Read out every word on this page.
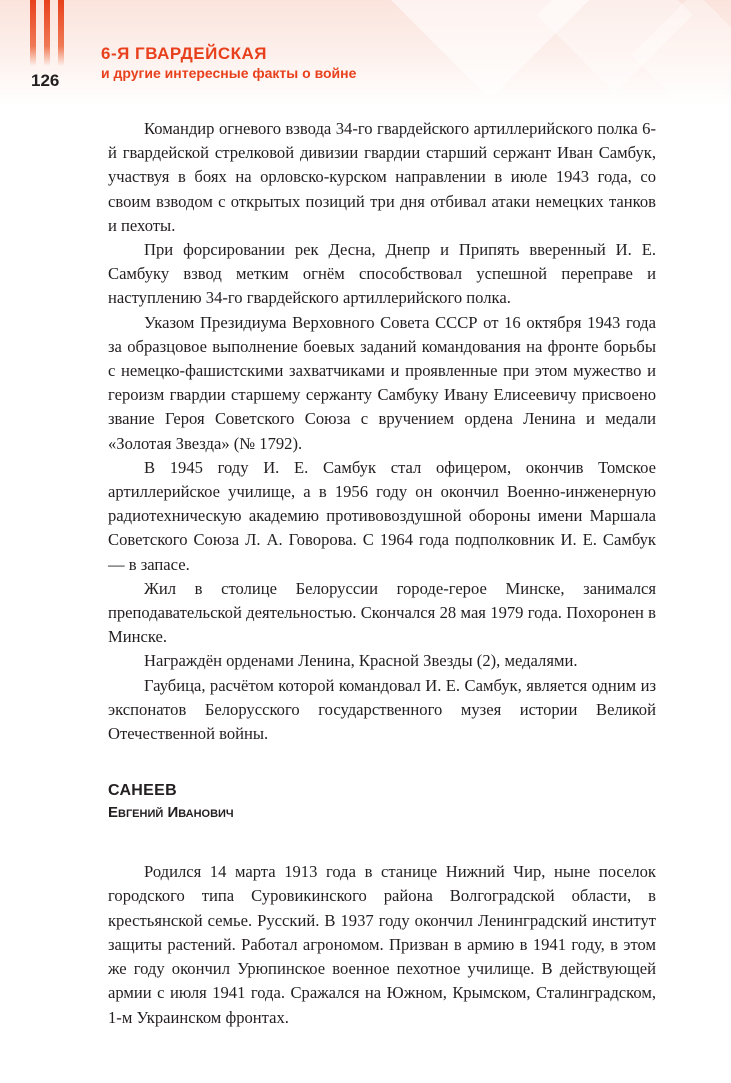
126
6-Я ГВАРДЕЙСКАЯ
и другие интересные факты о войне

Командир огневого взвода 34-го гвардейского артиллерийского полка 6-й гвардейской стрелковой дивизии гвардии старший сержант Иван Самбук, участвуя в боях на орловско-курском направлении в июле 1943 года, со своим взводом с открытых позиций три дня отбивал атаки немецких танков и пехоты.

При форсировании рек Десна, Днепр и Припять вверенный И. Е. Самбуку взвод метким огнём способствовал успешной переправе и наступлению 34-го гвардейского артиллерийского полка.

Указом Президиума Верховного Совета СССР от 16 октября 1943 года за образцовое выполнение боевых заданий командования на фронте борьбы с немецко-фашистскими захватчиками и проявленные при этом мужество и героизм гвардии старшему сержанту Самбуку Ивану Елисеевичу присвоено звание Героя Советского Союза с вручением ордена Ленина и медали «Золотая Звезда» (№ 1792).

В 1945 году И. Е. Самбук стал офицером, окончив Томское артиллерийское училище, а в 1956 году он окончил Военно-инженерную радиотехническую академию противовоздушной обороны имени Маршала Советского Союза Л. А. Говорова. С 1964 года подполковник И. Е. Самбук — в запасе.

Жил в столице Белоруссии городе-герое Минске, занимался преподавательской деятельностью. Скончался 28 мая 1979 года. Похоронен в Минске.

Награждён орденами Ленина, Красной Звезды (2), медалями.

Гаубица, расчётом которой командовал И. Е. Самбук, является одним из экспонатов Белорусского государственного музея истории Великой Отечественной войны.

САНЕЕВ
Евгений Иванович

Родился 14 марта 1913 года в станице Нижний Чир, ныне поселок городского типа Суровикинского района Волгоградской области, в крестьянской семье. Русский. В 1937 году окончил Ленинградский институт защиты растений. Работал агрономом. Призван в армию в 1941 году, в этом же году окончил Урюпинское военное пехотное училище. В действующей армии с июля 1941 года. Сражался на Южном, Крымском, Сталинградском, 1-м Украинском фронтах.
